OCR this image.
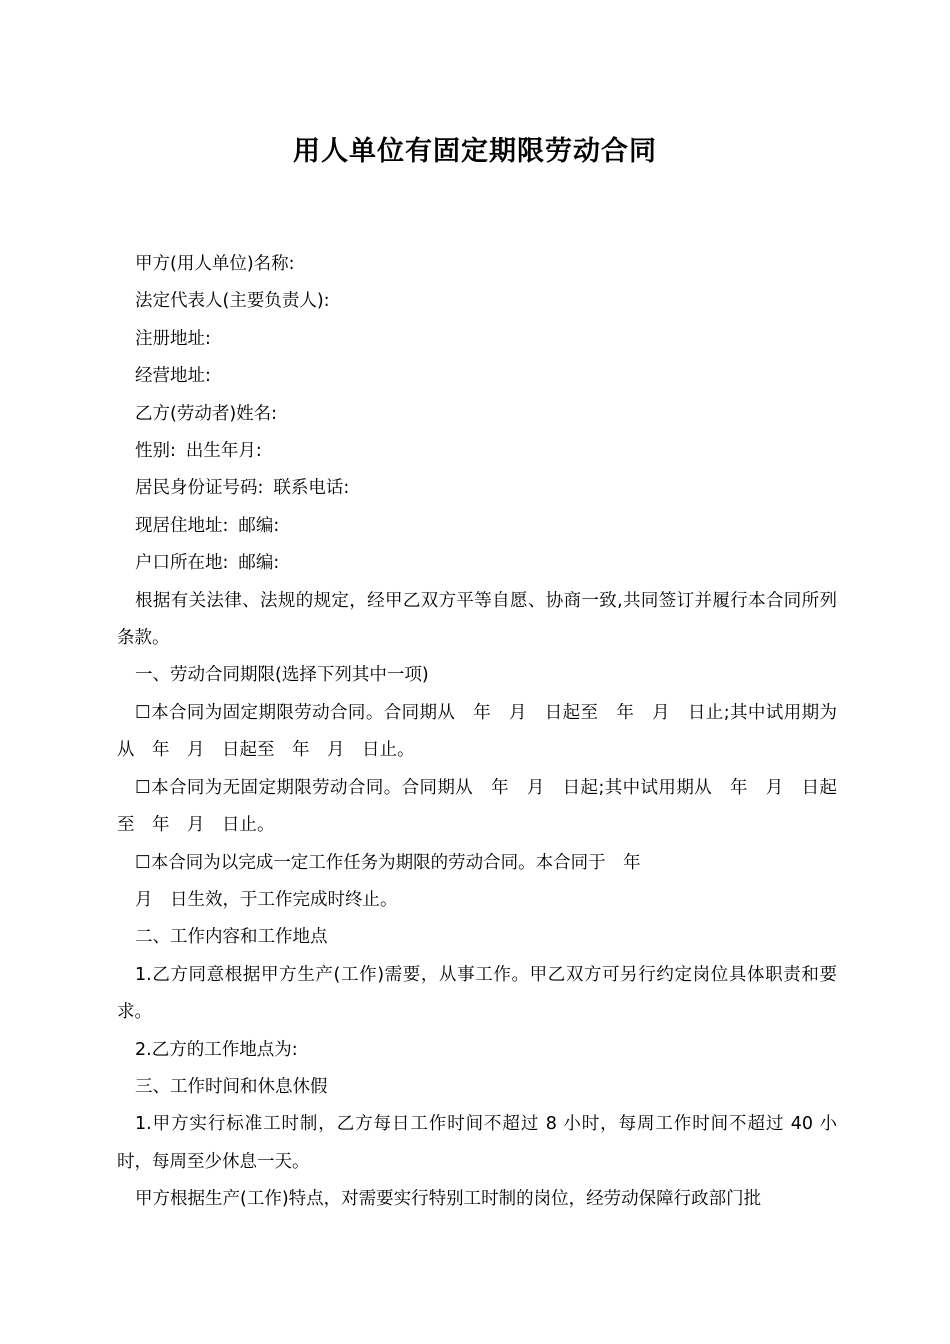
用人单位有固定期限劳动合同

甲方(用人单位)名称:

法定代表人(主要负责人):

注册地址:

经营地址:

乙方(劳动者)姓名:

性别: 出生年月:

居民身份证号码: 联系电话:

现居住地址: 邮编:

户口所在地: 邮编:

根据有关法律、法规的规定，经甲乙双方平等自愿、协商一致,共同签订并履行本合同所列条款。

一、劳动合同期限(选择下列其中一项)

☐本合同为固定期限劳动合同。合同期从　年　月　日起至　年　月　日止;其中试用期为从　年　月　日起至　年　月　日止。

☐本合同为无固定期限劳动合同。合同期从　年　月　日起;其中试用期从　年　月　日起至　年　月　日止。

☐本合同为以完成一定工作任务为期限的劳动合同。本合同于　年

月　日生效，于工作完成时终止。

二、工作内容和工作地点

1.乙方同意根据甲方生产(工作)需要，从事工作。甲乙双方可另行约定岗位具体职责和要求。

2.乙方的工作地点为:

三、工作时间和休息休假

1.甲方实行标准工时制，乙方每日工作时间不超过 8 小时，每周工作时间不超过 40 小时，每周至少休息一天。

甲方根据生产(工作)特点，对需要实行特别工时制的岗位，经劳动保障行政部门批
